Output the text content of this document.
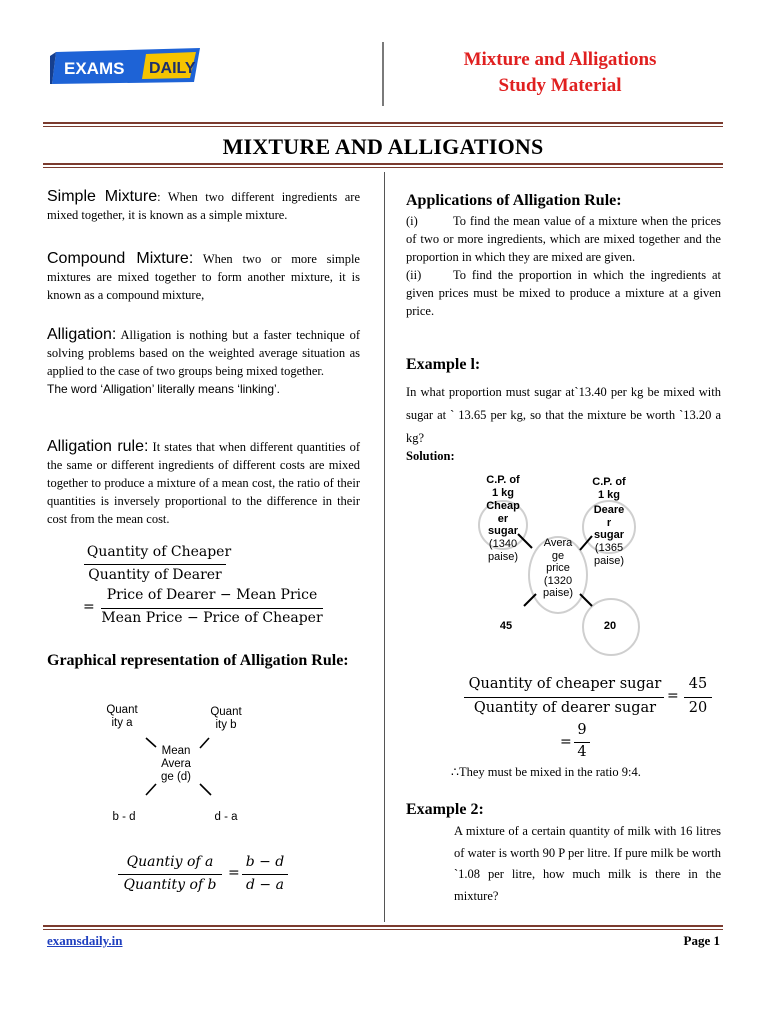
EXAMS DAILY	Mixture and Alligations
Study Material
MIXTURE AND ALLIGATIONS
Simple Mixture: When two different ingredients are mixed together, it is known as a simple mixture.
Compound Mixture: When two or more simple mixtures are mixed together to form another mixture, it is known as a compound mixture,
Alligation: Alligation is nothing but a faster technique of solving problems based on the weighted average situation as applied to the case of two groups being mixed together.
The word ‘Alligation’ literally means ‘linking’.
Alligation rule: It states that when different quantities of the same or different ingredients of different costs are mixed together to produce a mixture of a mean cost, the ratio of their quantities is inversely proportional to the difference in their cost from the mean cost.
Quantity of Cheaper
Quantity of Dearer
=
Price of Dearer − Mean Price
Mean Price − Price of Cheaper
Graphical representation of Alligation Rule:
Quant
ity a
Quant
ity b
Mean
Avera
ge (d)
b - d	d - a
Quantiy of a
Quantity of b
=
b − d
d − a
Applications of Alligation Rule:
(i)	To find the mean value of a mixture when the prices of two or more ingredients, which are mixed together and the proportion in which they are mixed are given.
(ii)	To find the proportion in which the ingredients at given prices must be mixed to produce a mixture at a given price.
Example l:
In what proportion must sugar at`13.40 per kg be mixed with sugar at ` 13.65 per kg, so that the mixture be worth `13.20 a kg?
Solution:
C.P. of
1 kg
Cheap
er
sugar
(1340
paise)
C.P. of
1 kg
Deare
r
sugar
(1365
paise)
Avera
ge
price
(1320
paise)
45	20
Quantity of cheaper sugar
Quantity of dearer sugar
=
45
20
=
9
4
∴They must be mixed in the ratio 9:4.
Example 2:
A mixture of a certain quantity of milk with 16 litres of water is worth 90 P per litre. If pure milk be worth `1.08 per litre, how much milk is there in the mixture?
examsdaily.in	Page 1
